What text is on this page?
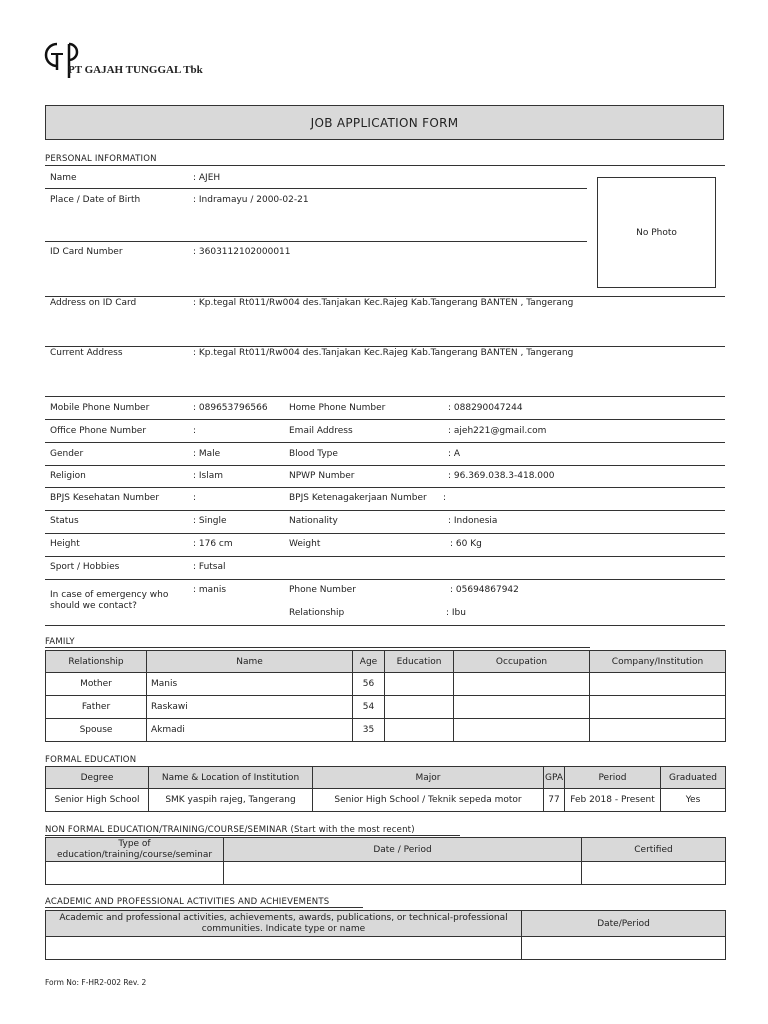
PT GAJAH TUNGGAL Tbk
JOB APPLICATION FORM
PERSONAL INFORMATION
Name	: AJEH
Place / Date of Birth	: Indramayu / 2000-02-21
ID Card Number	: 3603112102000011
No Photo
Address on ID Card	: Kp.tegal Rt011/Rw004 des.Tanjakan Kec.Rajeg Kab.Tangerang BANTEN , Tangerang
Current Address	: Kp.tegal Rt011/Rw004 des.Tanjakan Kec.Rajeg Kab.Tangerang BANTEN , Tangerang
Mobile Phone Number	: 089653796566 Home Phone Number	: 088290047244
Office Phone Number	:	Email Address	: ajeh221@gmail.com
Gender	: Male	Blood Type	: A
Religion	: Islam	NPWP Number	: 96.369.038.3-418.000
BPJS Kesehatan Number	:	BPJS Ketenagakerjaan Number :
Status	: Single	Nationality	: Indonesia
Height	: 176 cm	Weight	: 60 Kg
Sport / Hobbies	: Futsal
In case of emergency who should we contact?
: manis	Phone Number	: 05694867942
Relationship	: Ibu
FAMILY
Relationship	Name	Age	Education	Occupation	Company/Institution
Mother	Manis	56			
Father	Raskawi	54			
Spouse	Akmadi	35			
FORMAL EDUCATION
Degree	Name & Location of Institution	Major	GPA	Period	Graduated
Senior High School	SMK yaspih rajeg, Tangerang	Senior High School / Teknik sepeda motor	77	Feb 2018 - Present	Yes
NON FORMAL EDUCATION/TRAINING/COURSE/SEMINAR (Start with the most recent)
Type of education/training/course/seminar	Date / Period	Certified

ACADEMIC AND PROFESSIONAL ACTIVITIES AND ACHIEVEMENTS
Academic and professional activities, achievements, awards, publications, or technical-professional communities. Indicate type or name	Date/Period

Form No: F-HR2-002 Rev. 2
